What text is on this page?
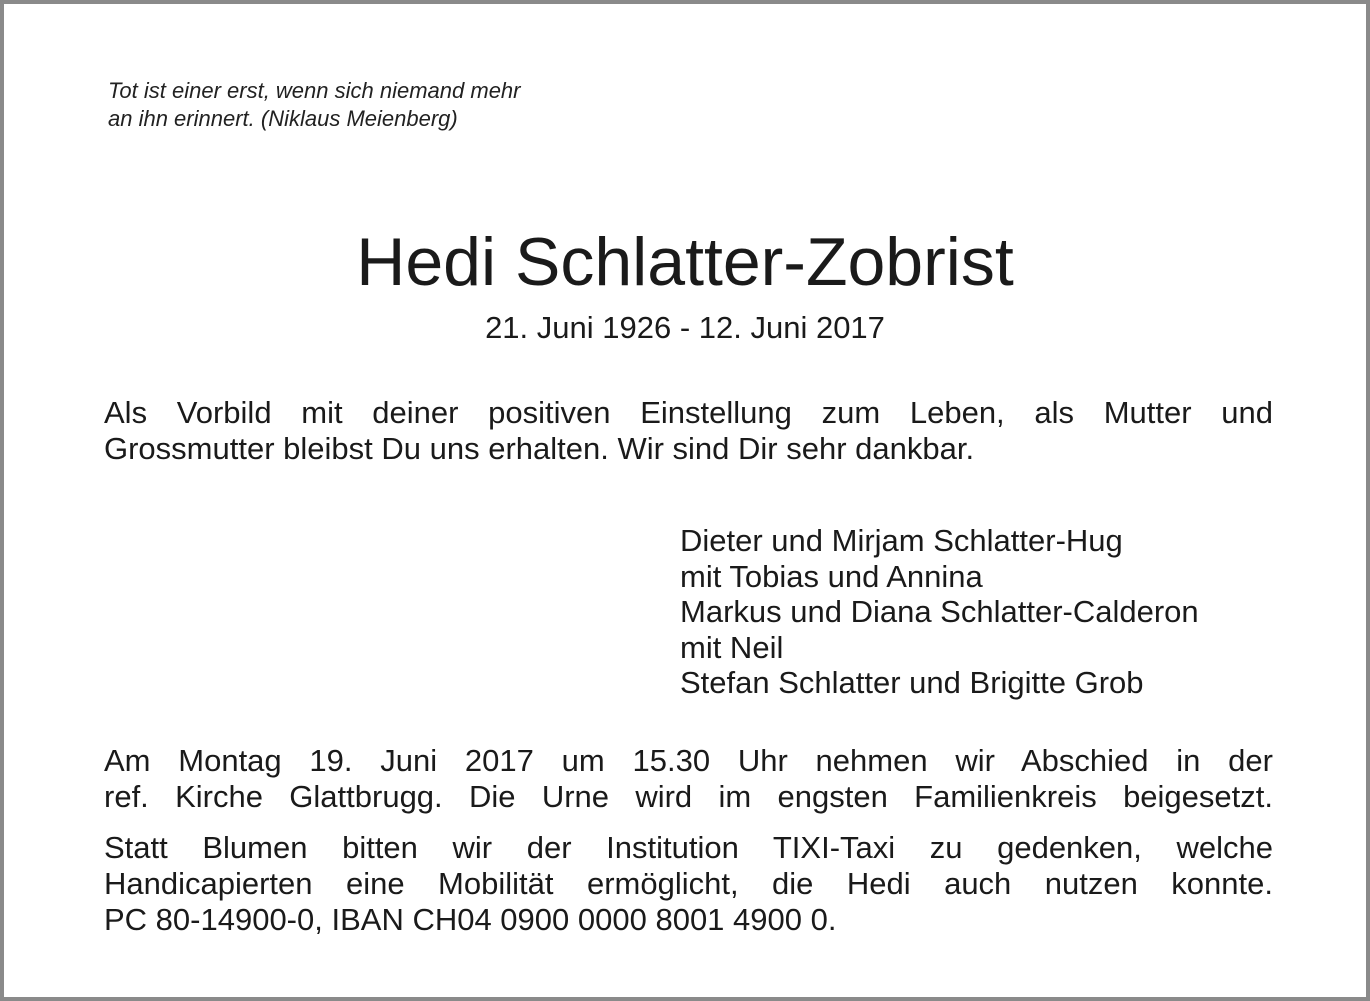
Tot ist einer erst, wenn sich niemand mehr
an ihn erinnert. (Niklaus Meienberg)
Hedi Schlatter-Zobrist
21. Juni 1926 - 12. Juni 2017
Als Vorbild mit deiner positiven Einstellung zum Leben, als Mutter und
Grossmutter bleibst Du uns erhalten. Wir sind Dir sehr dankbar.
Dieter und Mirjam Schlatter-Hug
mit Tobias und Annina
Markus und Diana Schlatter-Calderon
mit Neil
Stefan Schlatter und Brigitte Grob
Am Montag 19. Juni 2017 um 15.30 Uhr nehmen wir Abschied in der
ref. Kirche Glattbrugg. Die Urne wird im engsten Familienkreis beigesetzt.
Statt Blumen bitten wir der Institution TIXI-Taxi zu gedenken, welche
Handicapierten eine Mobilität ermöglicht, die Hedi auch nutzen konnte.
PC 80-14900-0, IBAN CH04 0900 0000 8001 4900 0.
